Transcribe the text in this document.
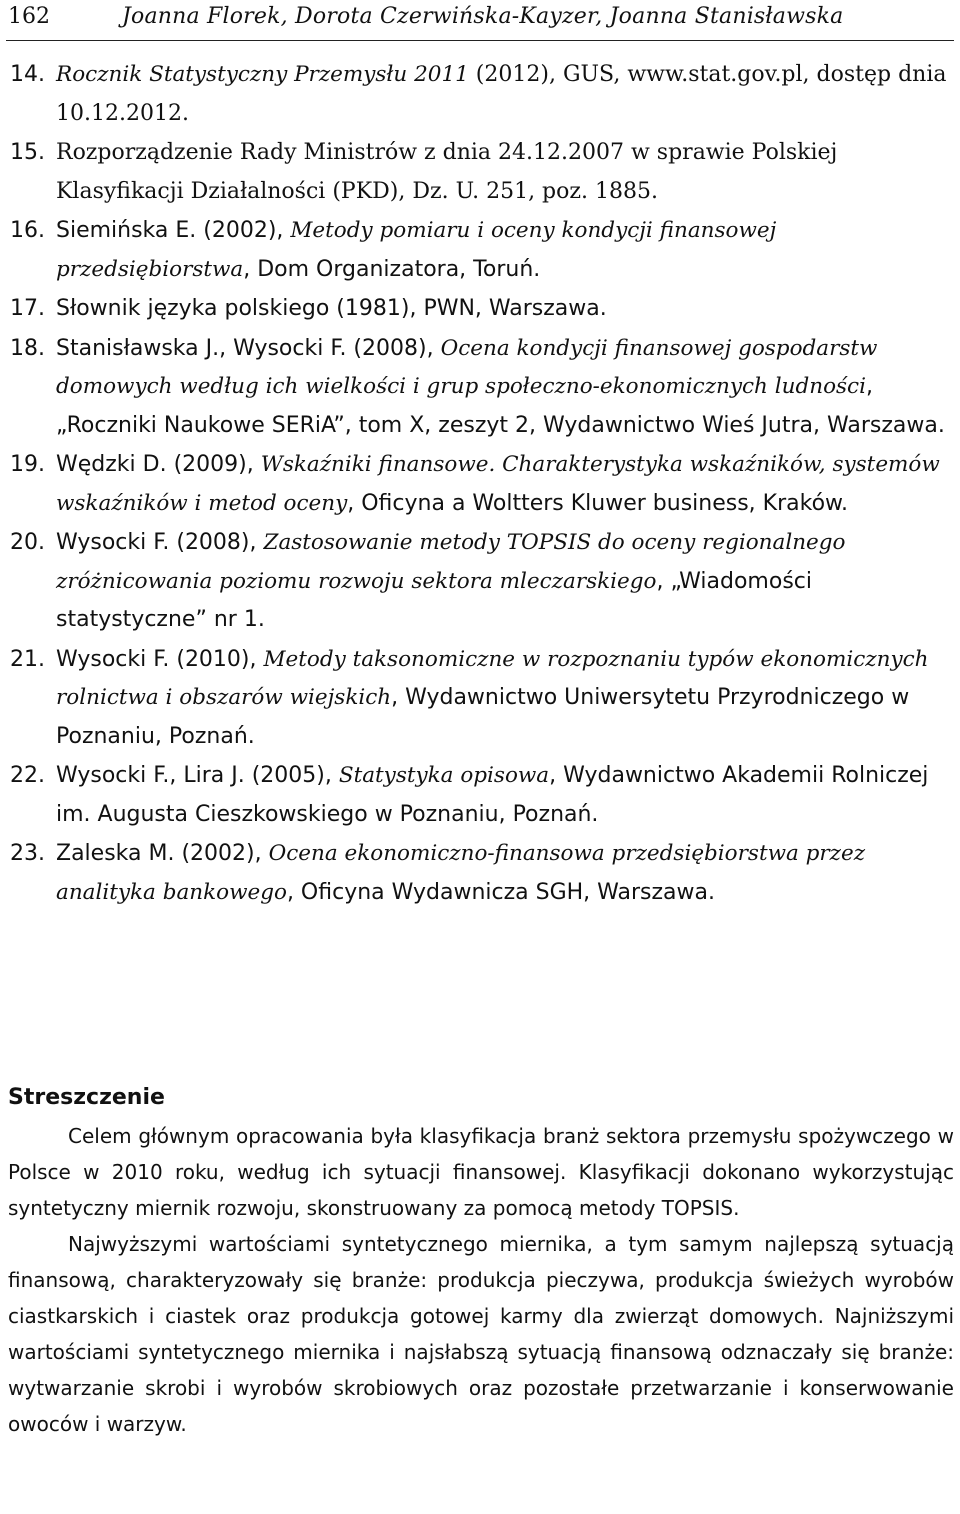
162	Joanna Florek, Dorota Czerwińska-Kayzer, Joanna Stanisławska
14. Rocznik Statystyczny Przemysłu 2011 (2012), GUS, www.stat.gov.pl, dostęp dnia 10.12.2012.
15. Rozporządzenie Rady Ministrów z dnia 24.12.2007 w sprawie Polskiej Klasyfikacji Działalności (PKD), Dz. U. 251, poz. 1885.
16. Siemińska E. (2002), Metody pomiaru i oceny kondycji finansowej przedsiębiorstwa, Dom Organizatora, Toruń.
17. Słownik języka polskiego (1981), PWN, Warszawa.
18. Stanisławska J., Wysocki F. (2008), Ocena kondycji finansowej gospodarstw domowych według ich wielkości i grup społeczno-ekonomicznych ludności, „Roczniki Naukowe SERiA”, tom X, zeszyt 2, Wydawnictwo Wieś Jutra, Warszawa.
19. Wędzki D. (2009), Wskaźniki finansowe. Charakterystyka wskaźników, systemów wskaźników i metod oceny, Oficyna a Woltters Kluwer business, Kraków.
20. Wysocki F. (2008), Zastosowanie metody TOPSIS do oceny regionalnego zróżnicowania poziomu rozwoju sektora mleczarskiego, „Wiadomości statystyczne” nr 1.
21. Wysocki F. (2010), Metody taksonomiczne w rozpoznaniu typów ekonomicznych rolnictwa i obszarów wiejskich, Wydawnictwo Uniwersytetu Przyrodniczego w Poznaniu, Poznań.
22. Wysocki F., Lira J. (2005), Statystyka opisowa, Wydawnictwo Akademii Rolniczej im. Augusta Cieszkowskiego w Poznaniu, Poznań.
23. Zaleska M. (2002), Ocena ekonomiczno-finansowa przedsiębiorstwa przez analityka bankowego, Oficyna Wydawnicza SGH, Warszawa.
Streszczenie

Celem głównym opracowania była klasyfikacja branż sektora przemysłu spożywczego w Polsce w 2010 roku, według ich sytuacji finansowej. Klasyfikacji dokonano wykorzystując syntetyczny miernik rozwoju, skonstruowany za pomocą metody TOPSIS.

Najwyższymi wartościami syntetycznego miernika, a tym samym najlepszą sytuacją finansową, charakteryzowały się branże: produkcja pieczywa, produkcja świeżych wyrobów ciastkarskich i ciastek oraz produkcja gotowej karmy dla zwierząt domowych. Najniższymi wartościami syntetycznego miernika i najsłabszą sytuacją finansową odznaczały się branże: wytwarzanie skrobi i wyrobów skrobiowych oraz pozostałe przetwarzanie i konserwowanie owoców i warzyw.
